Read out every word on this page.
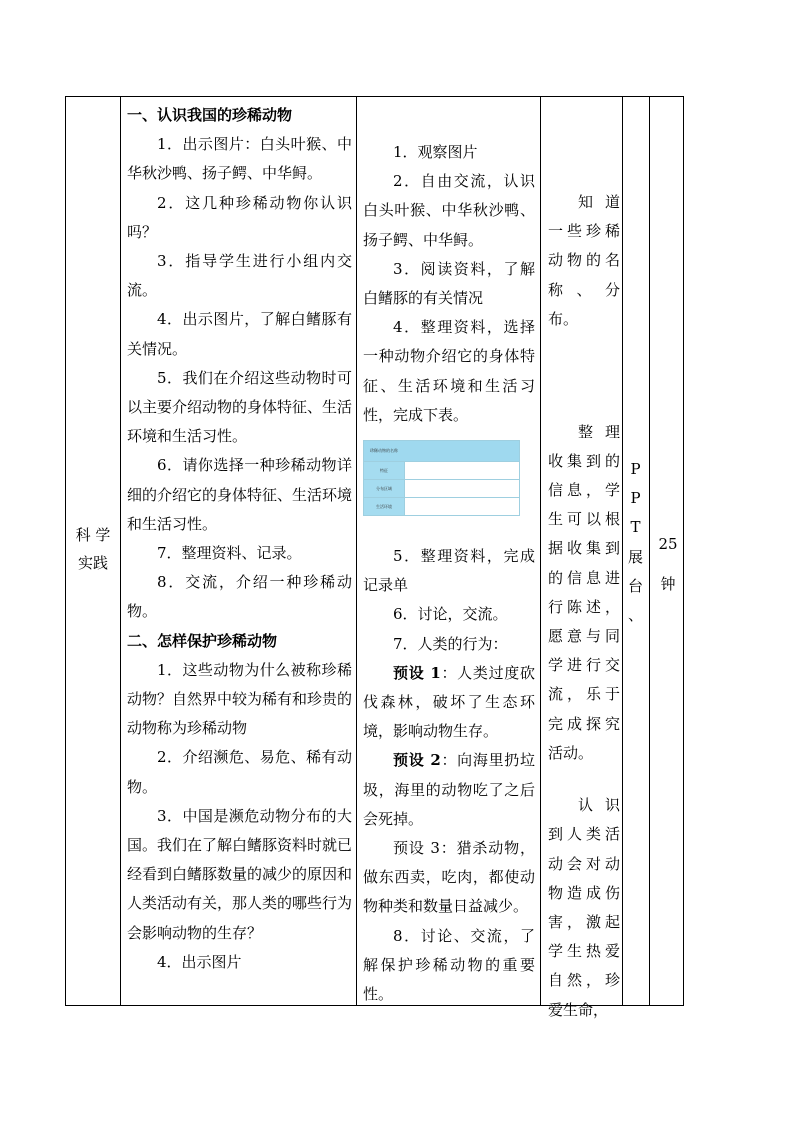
科 学
实践

一、认识我国的珍稀动物

1．出示图片：白头叶猴、中华秋沙鸭、扬子鳄、中华鲟。

2．这几种珍稀动物你认识吗？

3．指导学生进行小组内交流。

4．出示图片，了解白鳍豚有关情况。

5．我们在介绍这些动物时可以主要介绍动物的身体特征、生活环境和生活习性。

6．请你选择一种珍稀动物详细的介绍它的身体特征、生活环境和生活习性。

7．整理资料、记录。

8．交流，介绍一种珍稀动物。

二、怎样保护珍稀动物

1．这些动物为什么被称珍稀动物？自然界中较为稀有和珍贵的动物称为珍稀动物

2．介绍濒危、易危、稀有动物。

3．中国是濒危动物分布的大国。我们在了解白鳍豚资料时就已经看到白鳍豚数量的减少的原因和人类活动有关，那人类的哪些行为会影响动物的生存？

4．出示图片

1．观察图片

2．自由交流，认识白头叶猴、中华秋沙鸭、扬子鳄、中华鲟。

3．阅读资料，了解白鳍豚的有关情况

4．整理资料，选择一种动物介绍它的身体特征、生活环境和生活习性，完成下表。

珍稀动物的名称
特征
分布区域
生活环境

5．整理资料，完成记录单

6．讨论，交流。

7．人类的行为：

预设 1：人类过度砍伐森林，破坏了生态环境，影响动物生存。

预设 2：向海里扔垃圾，海里的动物吃了之后会死掉。

预设 3：猎杀动物，做东西卖，吃肉，都使动物种类和数量日益减少。

8．讨论、交流，了解保护珍稀动物的重要性。

知道一些珍稀动物的名称、分布。

整理收集到的信息，学生可以根据收集到的信息进行陈述，愿意与同学进行交流，乐于完成探究活动。

认识到人类活动会对动物造成伤害，激起学生热爱自然，珍爱生命，

P
P
T
展
台
、
25
钟
